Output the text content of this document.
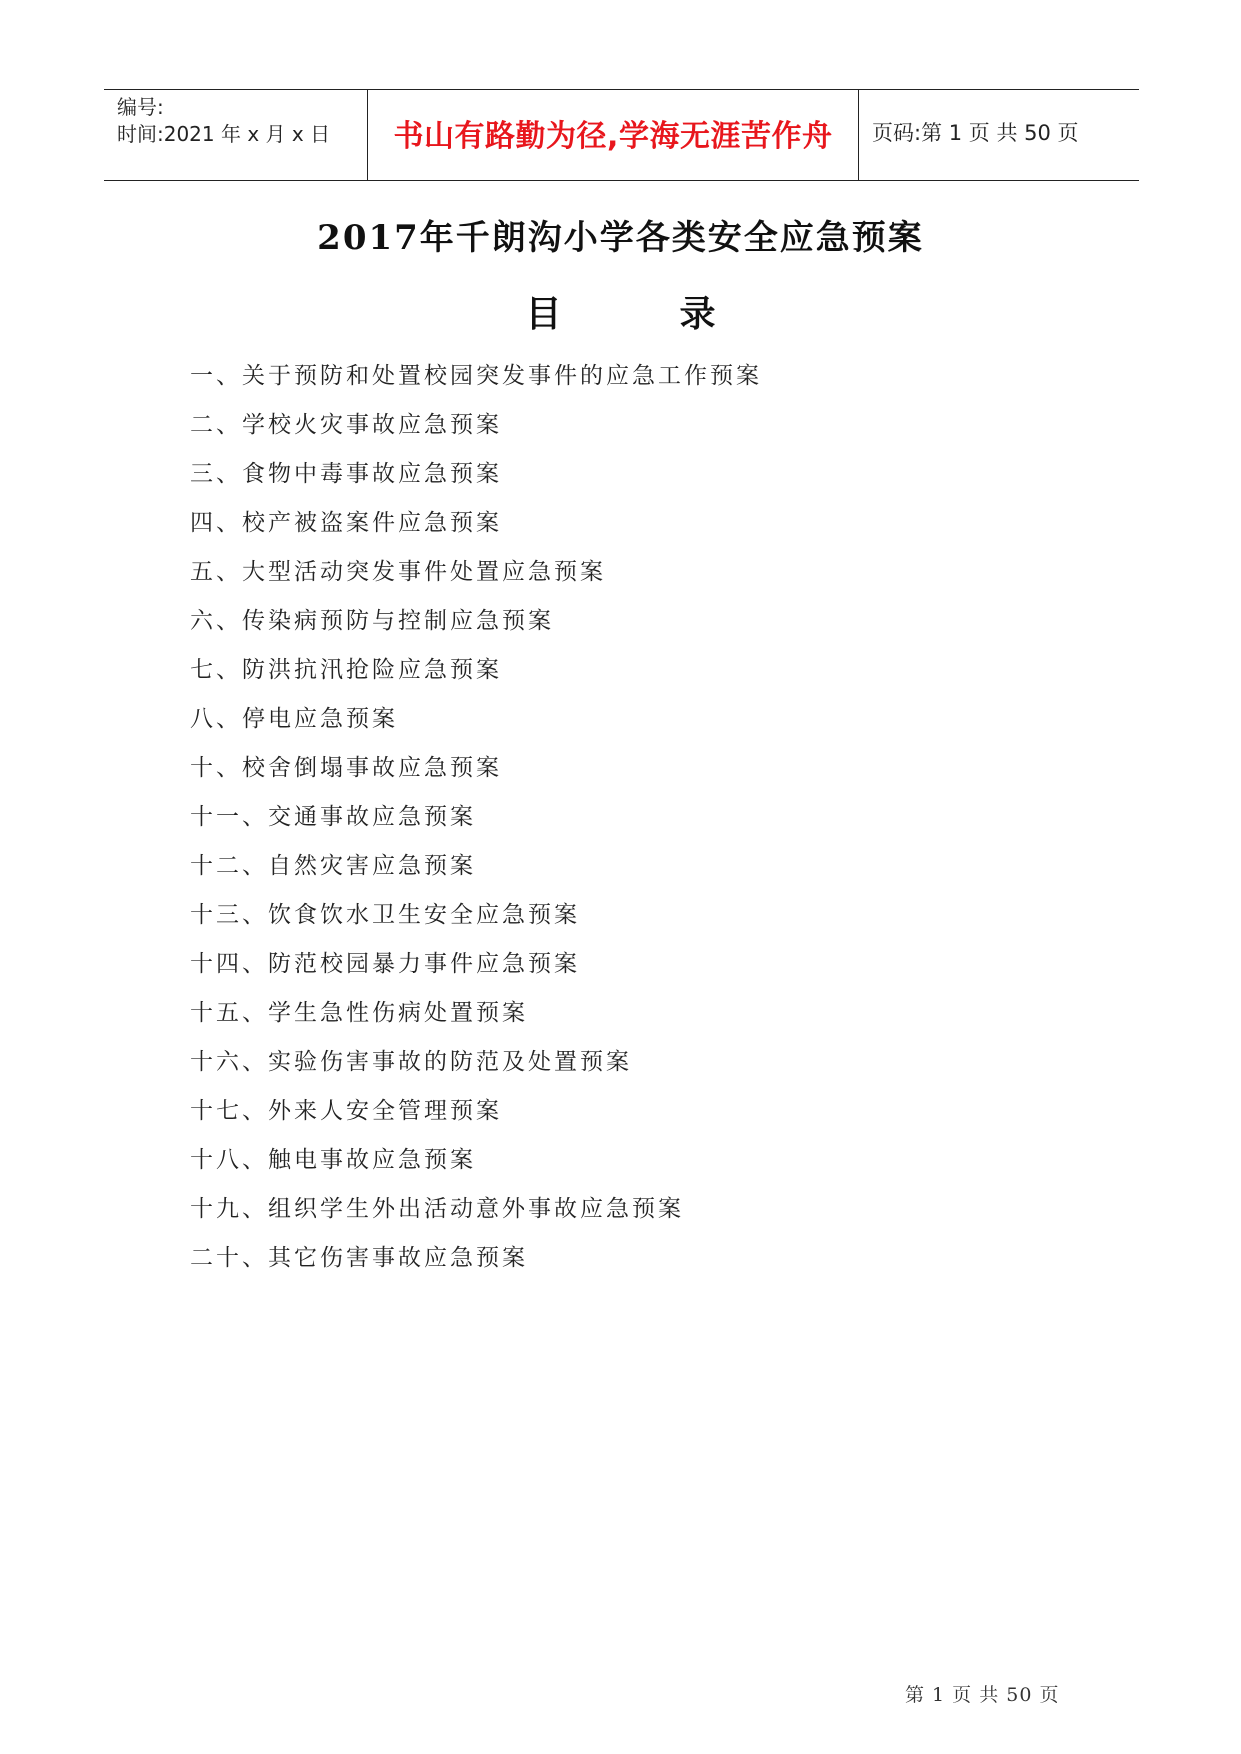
编号:
时间:2021 年 x 月 x 日	书山有路勤为径,学海无涯苦作舟 页码:第 1 页 共 50 页
2017年千朗沟小学各类安全应急预案
目	录
一、关于预防和处置校园突发事件的应急工作预案
二、学校火灾事故应急预案
三、食物中毒事故应急预案
四、校产被盗案件应急预案
五、大型活动突发事件处置应急预案
六、传染病预防与控制应急预案
七、防洪抗汛抢险应急预案
八、停电应急预案
十、校舍倒塌事故应急预案
十一、交通事故应急预案
十二、自然灾害应急预案
十三、饮食饮水卫生安全应急预案
十四、防范校园暴力事件应急预案
十五、学生急性伤病处置预案
十六、实验伤害事故的防范及处置预案
十七、外来人安全管理预案
十八、触电事故应急预案
十九、组织学生外出活动意外事故应急预案
二十、其它伤害事故应急预案
第 1 页 共 50 页
